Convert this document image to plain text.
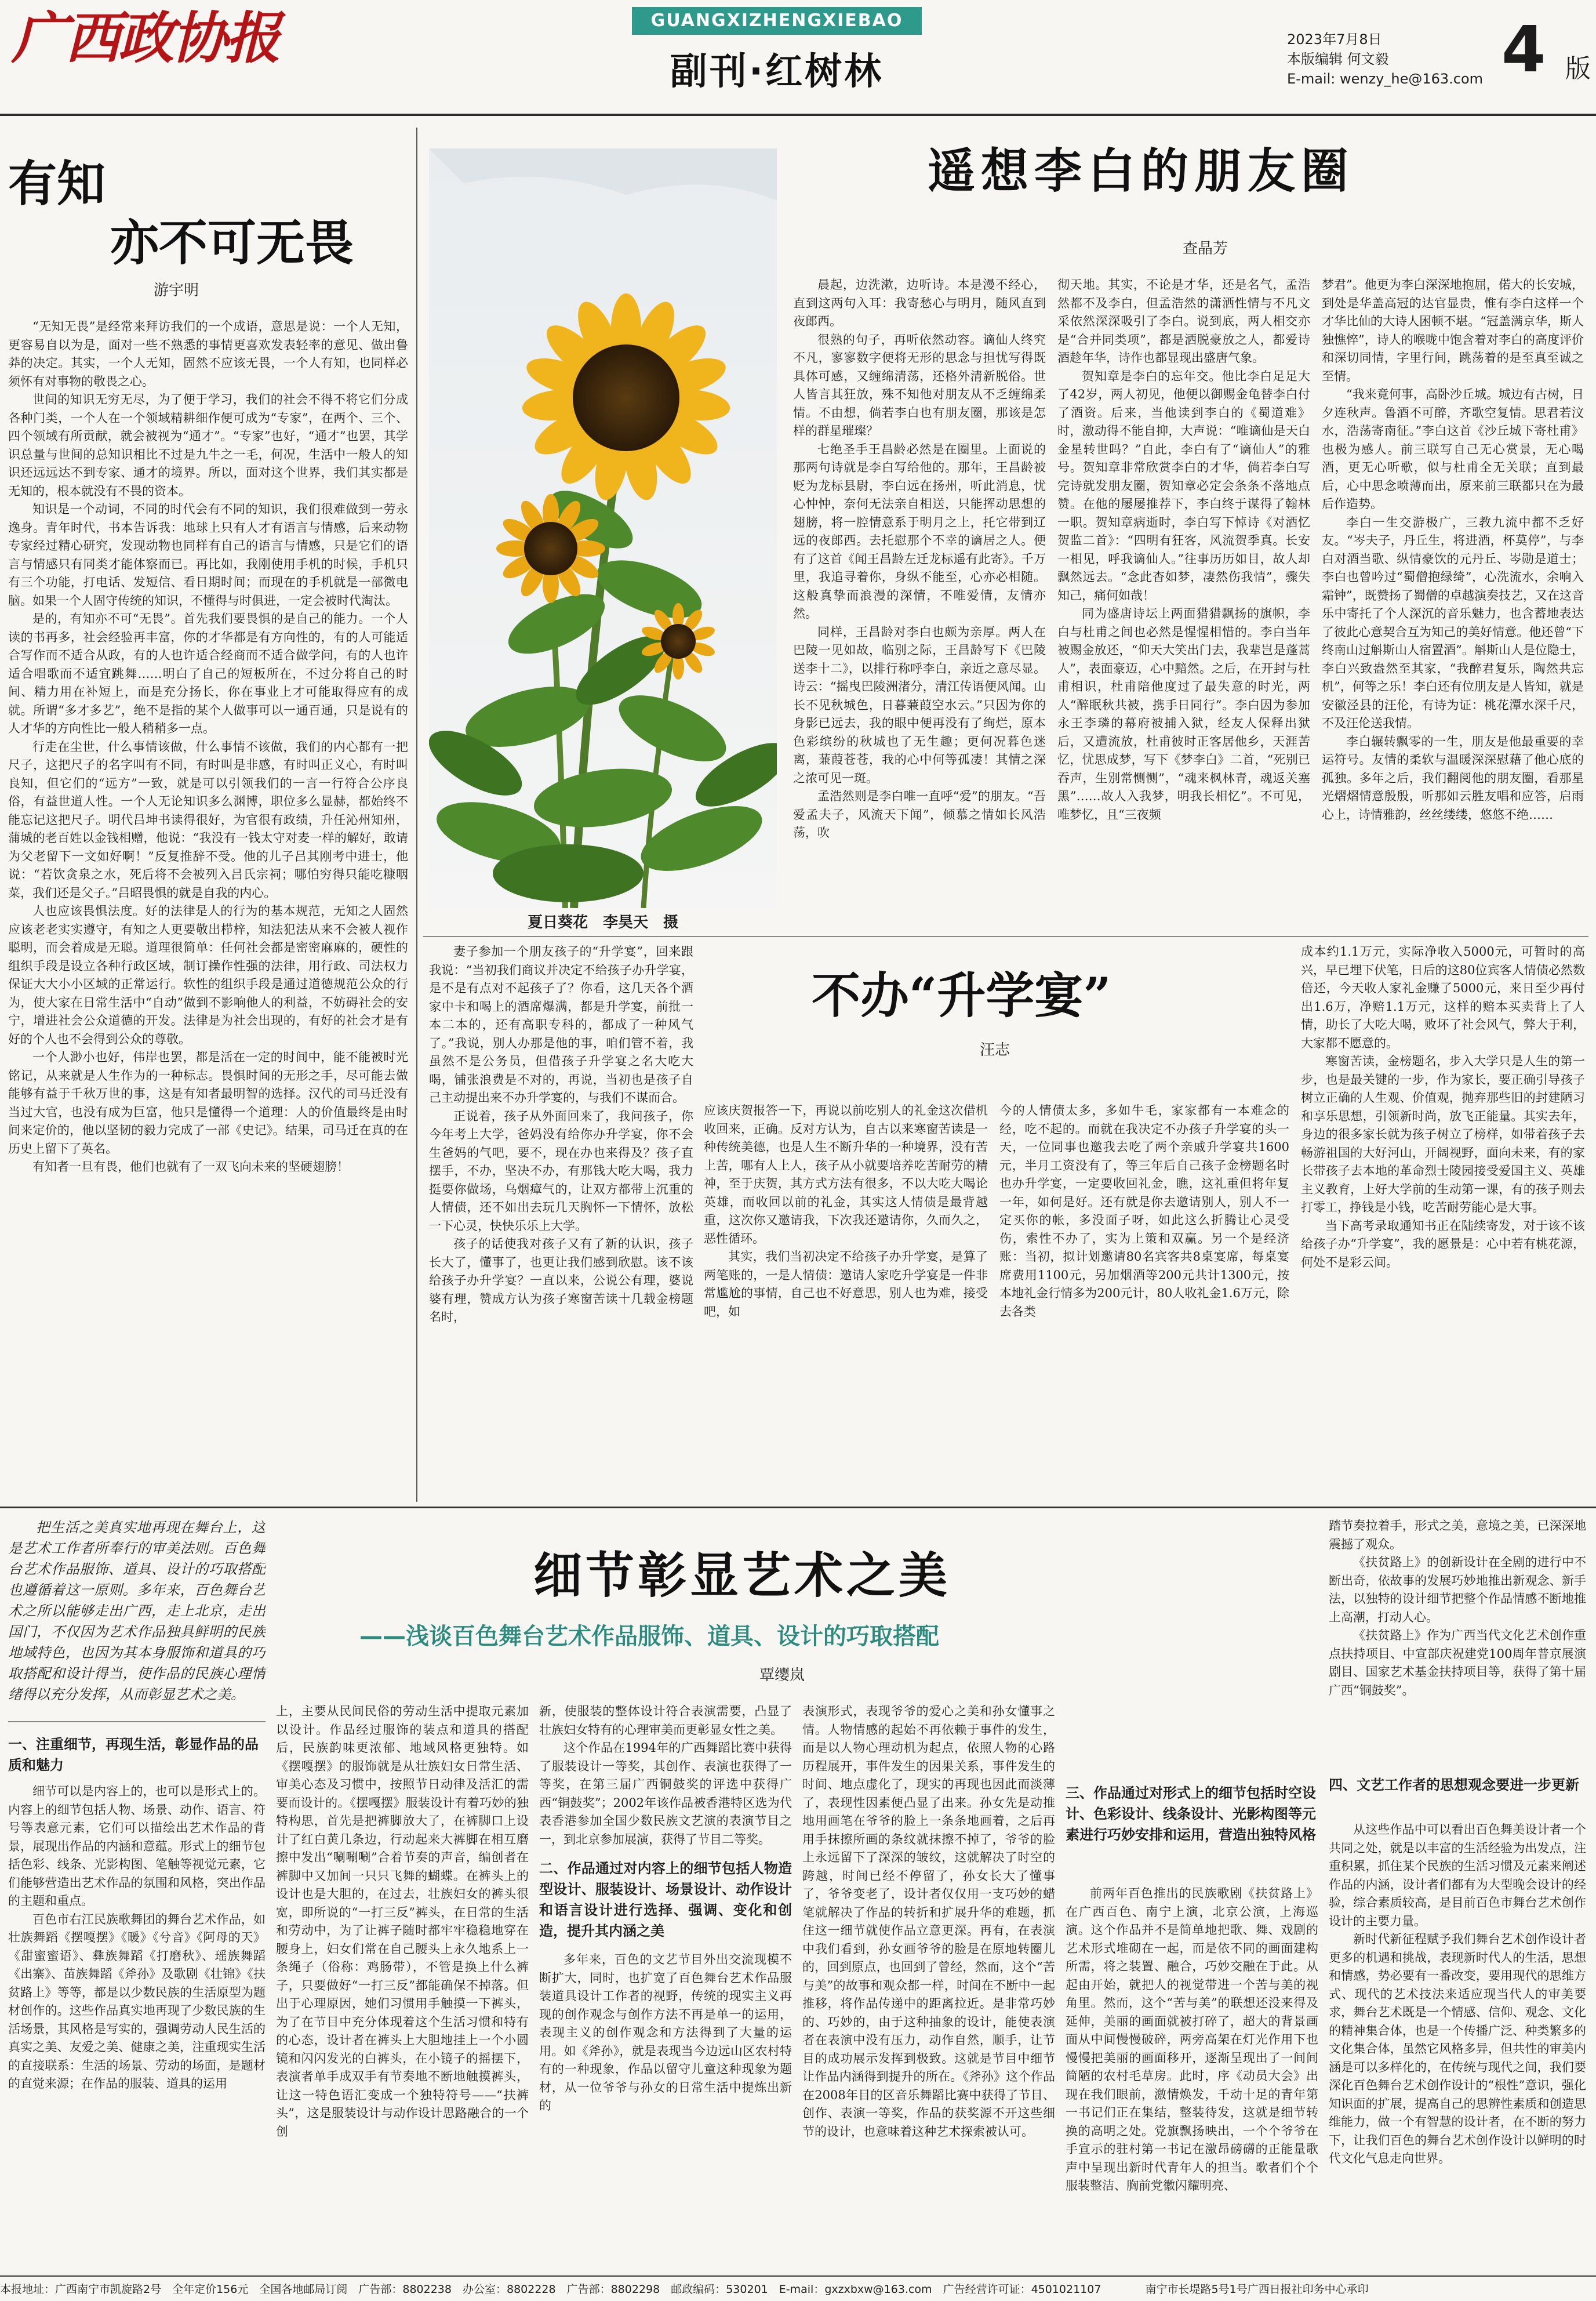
广西政协报	GUANGXIZHENGXIEBAO
副刊·红树林
2023年7月8日
本版编辑 何文毅
E-mail: wenzy_he@163.com 4 版
有知
亦不可无畏
游宇明

“无知无畏”是经常来拜访我们的一个成语，意思是说：一个人无知，更容易自以为是，面对一些不熟悉的事情更喜欢发表轻率的意见、做出鲁莽的决定。其实，一个人无知，固然不应该无畏，一个人有知，也同样必须怀有对事物的敬畏之心。

世间的知识无穷无尽，为了便于学习，我们的社会不得不将它们分成各种门类，一个人在一个领域精耕细作便可成为“专家”，在两个、三个、四个领域有所贡献，就会被视为“通才”。“专家”也好，“通才”也罢，其学识总量与世间的总知识相比不过是九牛之一毛，何况，生活中一般人的知识还远远达不到专家、通才的境界。所以，面对这个世界，我们其实都是无知的，根本就没有不畏的资本。

知识是一个动词，不同的时代会有不同的知识，我们很难做到一劳永逸身。青年时代，书本告诉我：地球上只有人才有语言与情感，后来动物专家经过精心研究，发现动物也同样有自己的语言与情感，只是它们的语言与情感只有同类才能体察而已。再比如，我刚使用手机的时候，手机只有三个功能，打电话、发短信、看日期时间；而现在的手机就是一部微电脑。如果一个人固守传统的知识，不懂得与时俱进，一定会被时代淘汰。

是的，有知亦不可“无畏”。首先我们要畏惧的是自己的能力。一个人读的书再多，社会经验再丰富，你的才华都是有方向性的，有的人可能适合写作而不适合从政，有的人也许适合经商而不适合做学问，有的人也许适合唱歌而不适宜跳舞……明白了自己的短板所在，不过分将自己的时间、精力用在补短上，而是充分扬长，你在事业上才可能取得应有的成就。所谓“多才多艺”，绝不是指的某个人做事可以一通百通，只是说有的人才华的方向性比一般人稍稍多一点。

行走在尘世，什么事情该做，什么事情不该做，我们的内心都有一把尺子，这把尺子的名字叫有不同，有时叫是非感，有时叫正义心，有时叫良知，但它们的“远方”一致，就是可以引领我们的一言一行符合公序良俗，有益世道人性。一个人无论知识多么渊博，职位多么显赫，都始终不能忘记这把尺子。明代吕坤书读得很好，为官很有政绩，升任沁州知州，蒲城的老百姓以金钱相赠，他说：“我没有一钱太守对麦一样的解好，敢请为父老留下一文如好啊！”反复推辞不受。他的儿子吕其刚考中进士，他说：“若饮贪泉之水，死后将不会被列入吕氏宗祠；哪怕穷得只能吃糠咽菜，我们还是父子。”吕昭畏惧的就是自我的内心。

人也应该畏惧法度。好的法律是人的行为的基本规范，无知之人固然应该老老实实遵守，有知之人更要敬出栉梓，知法犯法从来不会被人视作聪明，而会着成是无聪。道理很简单：任何社会都是密密麻麻的，硬性的组织手段是设立各种行政区域，制订操作性强的法律，用行政、司法权力保证大大小小区域的正常运行。软性的组织手段是通过道德规范公众的行为，使大家在日常生活中“自动”做到不影响他人的利益，不妨碍社会的安宁，增进社会公众道德的开发。法律是为社会出现的，有好的社会才是有好的个人也不会得到公众的尊敬。

一个人渺小也好，伟岸也罢，都是活在一定的时间中，能不能被时光铭记，从来就是人生作为的一种标志。畏惧时间的无形之手，尽可能去做能够有益于千秋万世的事，这是有知者最明智的选择。汉代的司马迁没有当过大官，也没有成为巨富，他只是懂得一个道理：人的价值最终是由时间来定价的，他以坚韧的毅力完成了一部《史记》。结果，司马迁在真的在历史上留下了英名。

有知者一旦有畏，他们也就有了一双飞向未来的坚硬翅膀！

夏日葵花　李昊天　摄
遥想李白的朋友圈
查晶芳

晨起，边洗漱，边听诗。本是漫不经心，直到这两句入耳：我寄愁心与明月，随风直到夜郎西。

很熟的句子，再听依然动容。谪仙人终究不凡，寥寥数字便将无形的思念与担忧写得既具体可感，又缠绵清荡，还格外清新脱俗。世人皆言其狂放，殊不知他对朋友从不乏缠绵柔情。不由想，倘若李白也有朋友圈，那该是怎样的群星璀璨？

七绝圣手王昌龄必然是在圈里。上面说的那两句诗就是李白写给他的。那年，王昌龄被贬为龙标县尉，李白远在扬州，听此消息，忧心忡忡，奈何无法亲自相送，只能挥动思想的翅膀，将一腔情意系于明月之上，托它带到辽远的夜郎西。去托慰那个不幸的谪居之人。便有了这首《闻王昌龄左迁龙标遥有此寄》。千万里，我追寻着你，身纵不能至，心亦必相随。这般真挚而浪漫的深情，不唯爱情，友情亦然。

同样，王昌龄对李白也颇为亲厚。两人在巴陵一见如故，临别之际，王昌龄写下《巴陵送李十二》，以排行称呼李白，亲近之意尽显。诗云：“摇曳巴陵洲渚分，清江传语便风闻。山长不见秋城色，日暮蒹葭空水云。”只因为你的身影已远去，我的眼中便再没有了绚烂，原本色彩缤纷的秋城也了无生趣；更何况暮色迷离，蒹葭苍苍，我的心中何等孤凄！其情之深之浓可见一斑。

孟浩然则是李白唯一直呼“爱”的朋友。“吾爱孟夫子，风流天下闻”，倾慕之情如长风浩荡，吹

彻天地。其实，不论是才华，还是名气，孟浩然都不及李白，但孟浩然的潇洒性情与不凡文采依然深深吸引了李白。说到底，两人相交亦是“合并同类项”，都是洒脱豪放之人，都爱诗酒趁年华，诗作也都显现出盛唐气象。

贺知章是李白的忘年交。他比李白足足大了42岁，两人初见，他便以御赐金龟替李白付了酒资。后来，当他读到李白的《蜀道难》时，激动得不能自抑，大声说：“唯谪仙是天白金星转世吗？”自此，李白有了“谪仙人”的雅号。贺知章非常欣赏李白的才华，倘若李白写完诗就发朋友圈，贺知章必定会条条不落地点赞。在他的屡屡推荐下，李白终于谋得了翰林一职。贺知章病逝时，李白写下悼诗《对酒忆贺监二首》：“四明有狂客，风流贺季真。长安一相见，呼我谪仙人。”往事历历如目，故人却飘然远去。“念此杳如梦，凄然伤我情”，骤失知己，痛何如哉！

同为盛唐诗坛上两面猎猎飘扬的旗帜，李白与杜甫之间也必然是惺惺相惜的。李白当年被赐金放还，“仰天大笑出门去，我辈岂是蓬蒿人”，表面豪迈，心中黯然。之后，在开封与杜甫相识，杜甫陪他度过了最失意的时光，两人“醉眠秋共被，携手日同行”。李白因为参加永王李璘的幕府被捕入狱，经友人保释出狱后，又遭流放，杜甫彼时正客居他乡，天涯苦忆，忧思成梦，写下《梦李白》二首，“死别已吞声，生别常恻恻”，“魂来枫林青，魂返关塞黑”……故人入我梦，明我长相忆”。不可见，唯梦忆，且“三夜频

梦君”。他更为李白深深地抱屈，偌大的长安城，到处是华盖高冠的达官显贵，惟有李白这样一个才华比仙的大诗人困顿不堪。“冠盖满京华，斯人独憔悴”，诗人的喉咙中饱含着对李白的高度评价和深切同情，字里行间，跳荡着的是至真至诚之至情。

“我来竟何事，高卧沙丘城。城边有古树，日夕连秋声。鲁酒不可醉，齐歌空复情。思君若汶水，浩荡寄南征。”李白这首《沙丘城下寄杜甫》也极为感人。前三联写自己无心赏景，无心喝酒，更无心听歌，似与杜甫全无关联；直到最后，心中思念喷薄而出，原来前三联都只在为最后作造势。

李白一生交游极广，三教九流中都不乏好友。“岑夫子，丹丘生，将进酒，杯莫停”，与李白对酒当歌、纵情豪饮的元丹丘、岑勋是道士；李白也曾吟过“蜀僧抱绿绮”，心洗流水，余响入霜钟”，既赞扬了蜀僧的卓越演奏技艺，又在这音乐中寄托了个人深沉的音乐魅力，也含蓄地表达了彼此心意契合互为知己的美好情意。他还曾“下终南山过斛斯山人宿置酒”。斛斯山人是位隐士，李白兴致盎然至其家，“我醉君复乐，陶然共忘机”，何等之乐！李白还有位朋友是人皆知，就是安徽泾县的汪伦，有诗为证：桃花潭水深千尺，不及汪伦送我情。

李白辗转飘零的一生，朋友是他最重要的幸运符号。友情的柔软与温暖深深慰藉了他心底的孤独。多年之后，我们翻阅他的朋友圈，看那星光熠熠情意殷殷，听那如云胜友唱和应答，启雨心上，诗情雅韵，丝丝缕缕，悠悠不绝……

不办“升学宴”
汪志

妻子参加一个朋友孩子的“升学宴”，回来跟我说：“当初我们商议并决定不给孩子办升学宴，是不是有点对不起孩子了？你看，这几天各个酒家中卡和喝上的酒席爆满，都是升学宴，前批一本二本的，还有高职专科的，都成了一种风气了。”我说，别人办那是他的事，咱们管不着，我虽然不是公务员，但借孩子升学宴之名大吃大喝，铺张浪费是不对的，再说，当初也是孩子自己主动提出来不办升学宴的，与我们不谋而合。

正说着，孩子从外面回来了，我问孩子，你今年考上大学，爸妈没有给你办升学宴，你不会生爸妈的气吧，要不，现在办也来得及？孩子直摆手，不办，坚决不办，有那钱大吃大喝，我力挺要你做场，乌烟瘴气的，让双方都带上沉重的人情债，还不如出去玩几天胸怀一下情怀，放松一下心灵，快快乐乐上大学。

孩子的话使我对孩子又有了新的认识，孩子长大了，懂事了，也更让我们感到欣慰。该不该给孩子办升学宴？一直以来，公说公有理，婆说婆有理，赞成方认为孩子寒窗苦读十几载金榜题名时，

应该庆贺报答一下，再说以前吃别人的礼金这次借机收回来，正确。反对方认为，自古以来寒窗苦读是一种传统美德，也是人生不断升华的一种境界，没有苦上苦，哪有人上人，孩子从小就要培养吃苦耐劳的精神，至于庆贺，其方式方法有很多，不以大吃大喝论英雄，而收回以前的礼金，其实这人情债是最背越重，这次你又邀请我，下次我还邀请你，久而久之，恶性循环。

其实，我们当初决定不给孩子办升学宴，是算了两笔账的，一是人情债：邀请人家吃升学宴是一件非常尴尬的事情，自己也不好意思，别人也为难，接受吧，如

今的人情债太多，多如牛毛，家家都有一本难念的经，吃不起的。而就在我决定不办孩子升学宴的头一天，一位同事也邀我去吃了两个亲戚升学宴共1600元，半月工资没有了，等三年后自己孩子金榜题名时也办升学宴，一定要收回礼金，瞧，这礼重但将年复一年，如何是好。还有就是你去邀请别人，别人不一定买你的帐，多没面子呀，如此这么折腾让心灵受伤，索性不办了，实为上策和双赢。另一个是经济账：当初，拟计划邀请80名宾客共8桌宴席，每桌宴席费用1100元，另加烟酒等200元共计1300元，按本地礼金行情多为200元计，80人收礼金1.6万元，除去各类

成本约1.1万元，实际净收入5000元，可暂时的高兴，早已埋下伏笔，日后的这80位宾客人情债必然数倍还，今天收人家礼金赚了5000元，来日至少再付出1.6万，净赔1.1万元，这样的赔本买卖背上了人情，助长了大吃大喝，败坏了社会风气，弊大于利，大家都不愿意的。

寒窗苦读，金榜题名，步入大学只是人生的第一步，也是最关键的一步，作为家长，要正确引导孩子树立正确的人生观、价值观，抛弃那些旧的封建陋习和享乐思想，引领新时尚，放飞正能量。其实去年，身边的很多家长就为孩子树立了榜样，如带着孩子去畅游祖国的大好河山，开阔视野，面向未来，有的家长带孩子去本地的革命烈士陵园接受爱国主义、英雄主义教育，上好大学前的生动第一课，有的孩子则去打零工，挣钱是小钱，吃苦耐劳能心是大事。

当下高考录取通知书正在陆续寄发，对于该不该给孩子办“升学宴”，我的愿景是：心中若有桃花源，何处不是彩云间。

把生活之美真实地再现在舞台上，这是艺术工作者所奉行的审美法则。百色舞台艺术作品服饰、道具、设计的巧取搭配也遵循着这一原则。多年来，百色舞台艺术之所以能够走出广西，走上北京，走出国门，不仅因为艺术作品独具鲜明的民族地域特色，也因为其本身服饰和道具的巧取搭配和设计得当，使作品的民族心理情绪得以充分发挥，从而彰显艺术之美。

一、注重细节，再现生活，彰显作品的品质和魅力
细节彰显艺术之美
——浅谈百色舞台艺术作品服饰、道具、设计的巧取搭配
覃缨岚

细节可以是内容上的，也可以是形式上的。内容上的细节包括人物、场景、动作、语言、符号等表意元素，它们可以描绘出艺术作品的背景，展现出作品的内涵和意蕴。形式上的细节包括色彩、线条、光影构图、笔触等视觉元素，它们能够营造出艺术作品的氛围和风格，突出作品的主题和重点。

百色市右江民族歌舞团的舞台艺术作品，如壮族舞蹈《摆嘎摆》《暖》《兮音》《阿母的天》《甜蜜蜜语》、彝族舞蹈《打磨秋》、瑶族舞蹈《出寨》、苗族舞蹈《斧孙》及歌剧《壮锦》《扶贫路上》等等，都是以少数民族的生活原型为题材创作的。这些作品真实地再现了少数民族的生活场景，其风格是写实的，强调劳动人民生活的真实之美、友爱之美、健康之美，注重现实生活的直接联系：生活的场景、劳动的场面，是题材的直觉来源；在作品的服装、道具的运用

上，主要从民间民俗的劳动生活中提取元素加以设计。作品经过服饰的装点和道具的搭配后，民族韵味更浓郁、地域风格更独特。如《摆嘎摆》的服饰就是从壮族妇女日常生活、审美心态及习惯中，按照节日动律及活汇的需要而设计的。《摆嘎摆》服装设计有着巧妙的独特构思，首先是把裤脚放大了，在裤脚口上设计了红白黄几条边，行动起来大裤脚在相互磨擦中发出“唰唰唰”合着节奏的声音，编创者在裤脚中又加间一只只飞舞的蝴蝶。在裤头上的设计也是大胆的，在过去，壮族妇女的裤头很宽，即所说的“一打三反”裤头，在日常的生活和劳动中，为了让裤子随时都牢牢稳稳地穿在腰身上，妇女们常在自己腰头上永久地系上一条绳子（俗称：鸡肠带），不管是换上什么裤子，只要做好“一打三反”都能确保不掉落。但出于心理原因，她们习惯用手触摸一下裤头，为了在节目中充分体现着这个生活习惯和特有的心态，设计者在裤头上大胆地挂上一个小圆镜和闪闪发光的白裤头，在小镜子的摇摆下，表演者单手成双手有节奏地不断地触摸裤头，让这一特色语汇变成一个独特符号——“扶裤头”，这是服装设计与动作设计思路融合的一个创

新，使服装的整体设计符合表演需要，凸显了壮族妇女特有的心理审美而更彰显女性之美。

这个作品在1994年的广西舞蹈比赛中获得了服装设计一等奖，其创作、表演也获得了一等奖，在第三届广西铜鼓奖的评选中获得广西“铜鼓奖”；2002年该作品被香港特区选为代表香港参加全国少数民族文艺演的表演节目之一，到北京参加展演，获得了节目二等奖。

二、作品通过对内容上的细节包括人物造型设计、服装设计、场景设计、动作设计和语言设计进行选择、强调、变化和创造，提升其内涵之美

多年来，百色的文艺节目外出交流现模不断扩大，同时，也扩宽了百色舞台艺术作品服装道具设计工作者的视野，传统的现实主义再现的创作观念与创作方法不再是单一的运用，表现主义的创作观念和方法得到了大量的运用。如《斧孙》，就是表现当今边远山区农村特有的一种现象，作品以留守儿童这种现象为题材，从一位爷爷与孙女的日常生活中提炼出新的

表演形式，表现爷爷的爱心之美和孙女懂事之情。人物情感的起始不再依赖于事件的发生，而是以人物心理动机为起点，依照人物的心路历程展开，事件发生的因果关系，事件发生的时间、地点虚化了，现实的再现也因此而淡薄了，表现性因素便凸显了出来。孙女先是动推地用画笔在爷爷的脸上一条条地画着，之后再用手抹擦所画的条纹就抹擦不掉了，爷爷的脸上永远留下了深深的皱纹，这就解决了时空的跨越，时间已经不停留了，孙女长大了懂事了，爷爷变老了，设计者仅仅用一支巧妙的蜡笔就解决了作品的转折和扩展升华的难题，抓住这一细节就使作品立意更深。再有，在表演中我们看到，孙女画爷爷的脸是在原地转圈儿的，回到原点，也回到了曾经，然而，这个“苦与美”的故事和观众都一样，时间在不断中一起推移，将作品传递中的距离拉近。是非常巧妙的、巧妙的，由于这种抽象的设计，能使表演者在表演中没有压力，动作自然，顺手，让节目的成功展示发挥到极致。这就是节目中细节让作品内涵得到提升的所在。《斧孙》这个作品在2008年目的区音乐舞蹈比赛中获得了节目、创作、表演一等奖，作品的获奖源不开这些细节的设计，也意味着这种艺术探索被认可。

三、作品通过对形式上的细节包括时空设计、色彩设计、线条设计、光影构图等元素进行巧妙安排和运用，营造出独特风格

前两年百色推出的民族歌剧《扶贫路上》在广西百色、南宁上演，北京公演，上海巡演。这个作品并不是简单地把歌、舞、戏剧的艺术形式堆砌在一起，而是依不同的画面建构所需，将之装置、融合，巧妙交融在于此。从起由开始，就把人的视觉带进一个苦与美的视角里。然而，这个“苦与美”的联想还没来得及延伸，美丽的画面就被打碎了，超大的背景画面从中间慢慢破碎，两旁高架在灯光作用下也慢慢把美丽的画面移开，逐渐呈现出了一间间简陋的农村毛草房。此时，序《动员大会》出现在我们眼前，激情焕发，千动十足的青年第一书记们正在集结，整装待发，这就是细节转换的高明之处。党旗飘扬映出，一个个爷爷在手宣示的驻村第一书记在激昂磅礴的正能量歌声中呈现出新时代青年人的担当。歌者们个个服装整洁、胸前党徽闪耀明亮、

踏节奏拉着手，形式之美，意境之美，已深深地震撼了观众。

《扶贫路上》的创新设计在全剧的进行中不断出奇，依故事的发展巧妙地推出新观念、新手法，以独特的设计细节把整个作品情感不断地推上高潮，打动人心。

《扶贫路上》作为广西当代文化艺术创作重点扶持项目、中宣部庆祝建党100周年普京展演剧目、国家艺术基金扶持项目等，获得了第十届广西“铜鼓奖”。

四、文艺工作者的思想观念要进一步更新

从这些作品中可以看出百色舞美设计者一个共同之处，就是以丰富的生活经验为出发点，注重积累，抓住某个民族的生活习惯及元素来阐述作品的内涵，设计者们都有为大型晚会设计的经验，综合素质较高，是目前百色市舞台艺术创作设计的主要力量。

新时代新征程赋予我们舞台艺术创作设计者更多的机遇和挑战，表现新时代人的生活，思想和情感，势必要有一番改变，要用现代的思维方式、现代的艺术技法来适应现当代人的审美要求，舞台艺术既是一个情感、信仰、观念、文化的精神集合体，也是一个传播广泛、种类繁多的文化集合体，虽然它风格多异，但共性的审美内涵是可以多样化的，在传统与现代之间，我们要深化百色舞台艺术创作设计的“根性”意识，强化知识面的扩展，提高自己的思辨性素质和创造思维能力，做一个有智慧的设计者，在不断的努力下，让我们百色的舞台艺术创作设计以鲜明的时代文化气息走向世界。

本报地址：广西南宁市凯旋路2号　全年定价156元　全国各地邮局订阅　广告部：8802238　办公室：8802228　广告部：8802298　邮政编码：530201　E-mail：gxzxbxw@163.com　广告经营许可证：4501021107　　　　南宁市长堤路5号1号广西日报社印务中心承印
